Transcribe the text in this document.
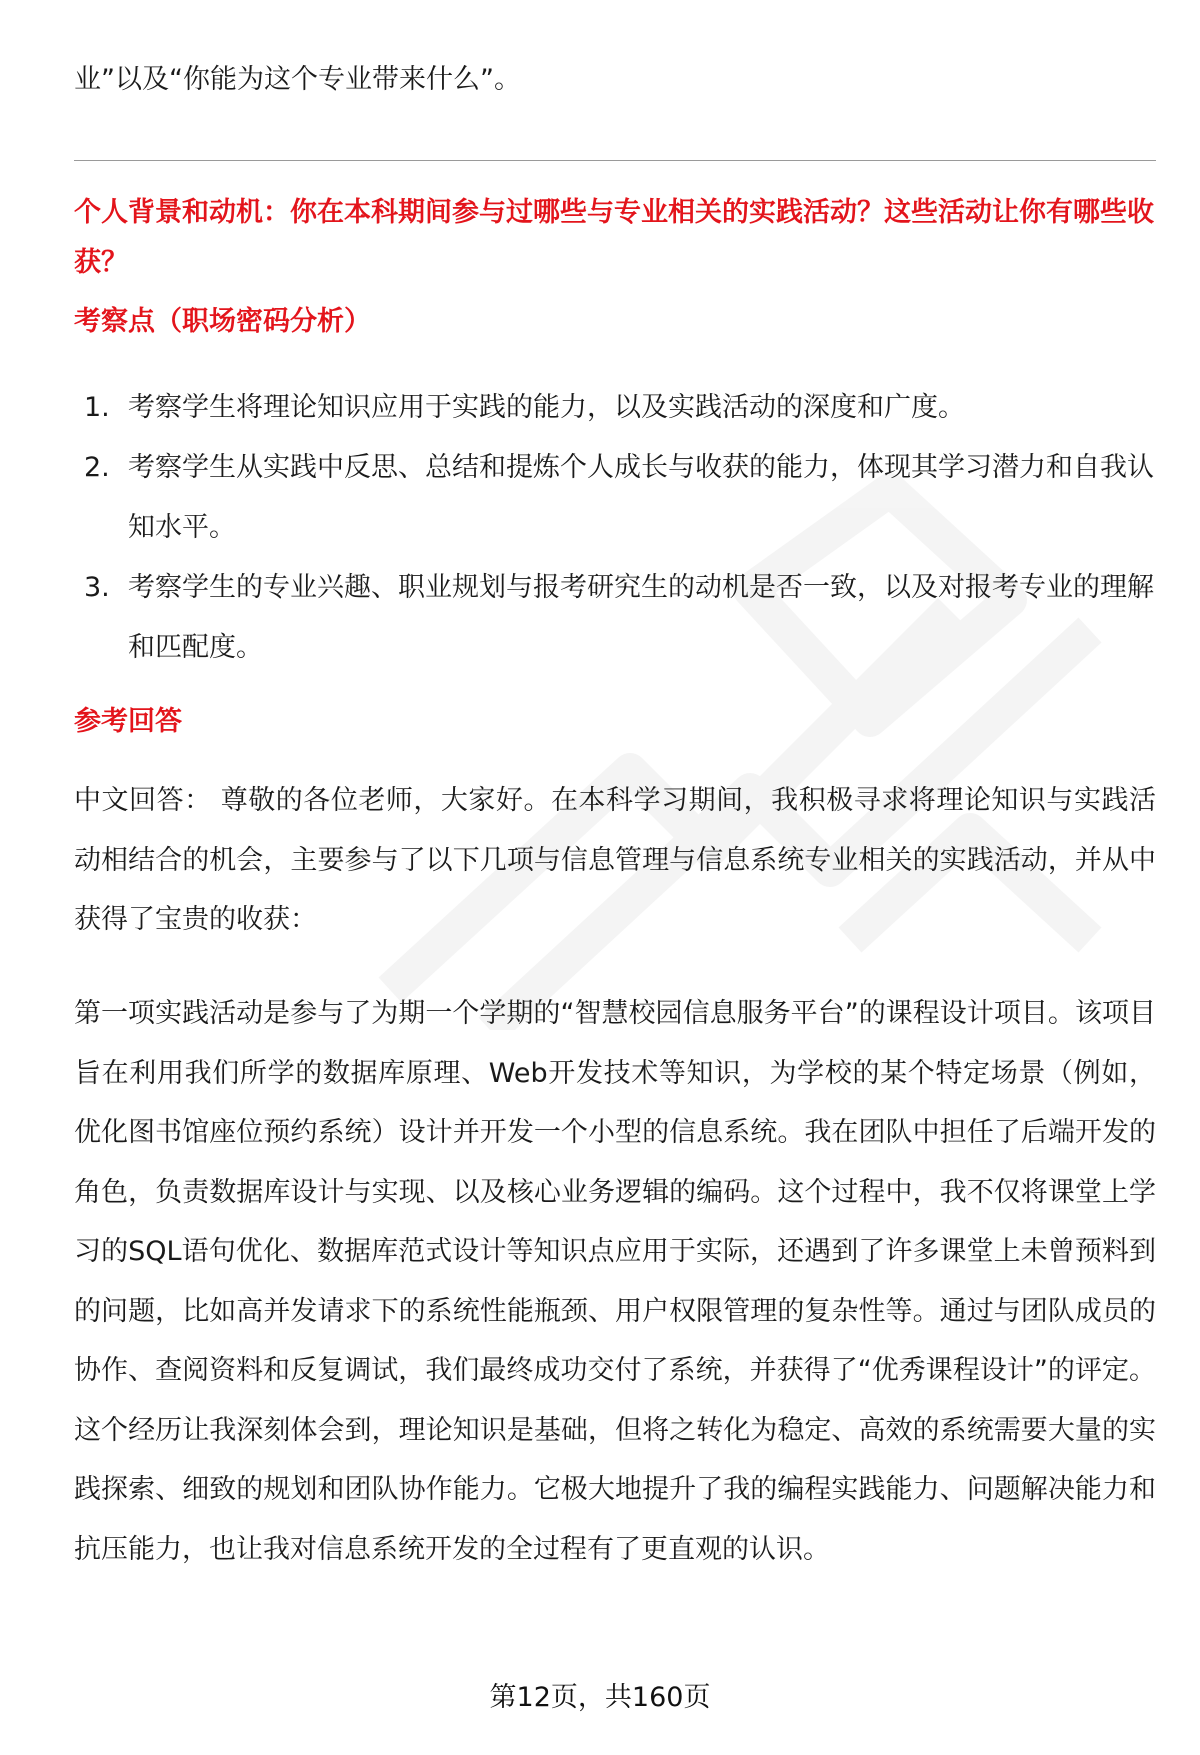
业”以及“你能为这个专业带来什么”。
个人背景和动机：你在本科期间参与过哪些与专业相关的实践活动？这些活动让你有哪些收获？
考察点（职场密码分析）
1. 考察学生将理论知识应用于实践的能力，以及实践活动的深度和广度。
2. 考察学生从实践中反思、总结和提炼个人成长与收获的能力，体现其学习潜力和自我认知水平。
3. 考察学生的专业兴趣、职业规划与报考研究生的动机是否一致，以及对报考专业的理解和匹配度。
参考回答

中文回答： 尊敬的各位老师，大家好。在本科学习期间，我积极寻求将理论知识与实践活动相结合的机会，主要参与了以下几项与信息管理与信息系统专业相关的实践活动，并从中获得了宝贵的收获：

第一项实践活动是参与了为期一个学期的“智慧校园信息服务平台”的课程设计项目。该项目旨在利用我们所学的数据库原理、Web开发技术等知识，为学校的某个特定场景（例如，优化图书馆座位预约系统）设计并开发一个小型的信息系统。我在团队中担任了后端开发的角色，负责数据库设计与实现、以及核心业务逻辑的编码。这个过程中，我不仅将课堂上学习的SQL语句优化、数据库范式设计等知识点应用于实际，还遇到了许多课堂上未曾预料到的问题，比如高并发请求下的系统性能瓶颈、用户权限管理的复杂性等。通过与团队成员的协作、查阅资料和反复调试，我们最终成功交付了系统，并获得了“优秀课程设计”的评定。这个经历让我深刻体会到，理论知识是基础，但将之转化为稳定、高效的系统需要大量的实践探索、细致的规划和团队协作能力。它极大地提升了我的编程实践能力、问题解决能力和抗压能力，也让我对信息系统开发的全过程有了更直观的认识。

第12页，共160页
